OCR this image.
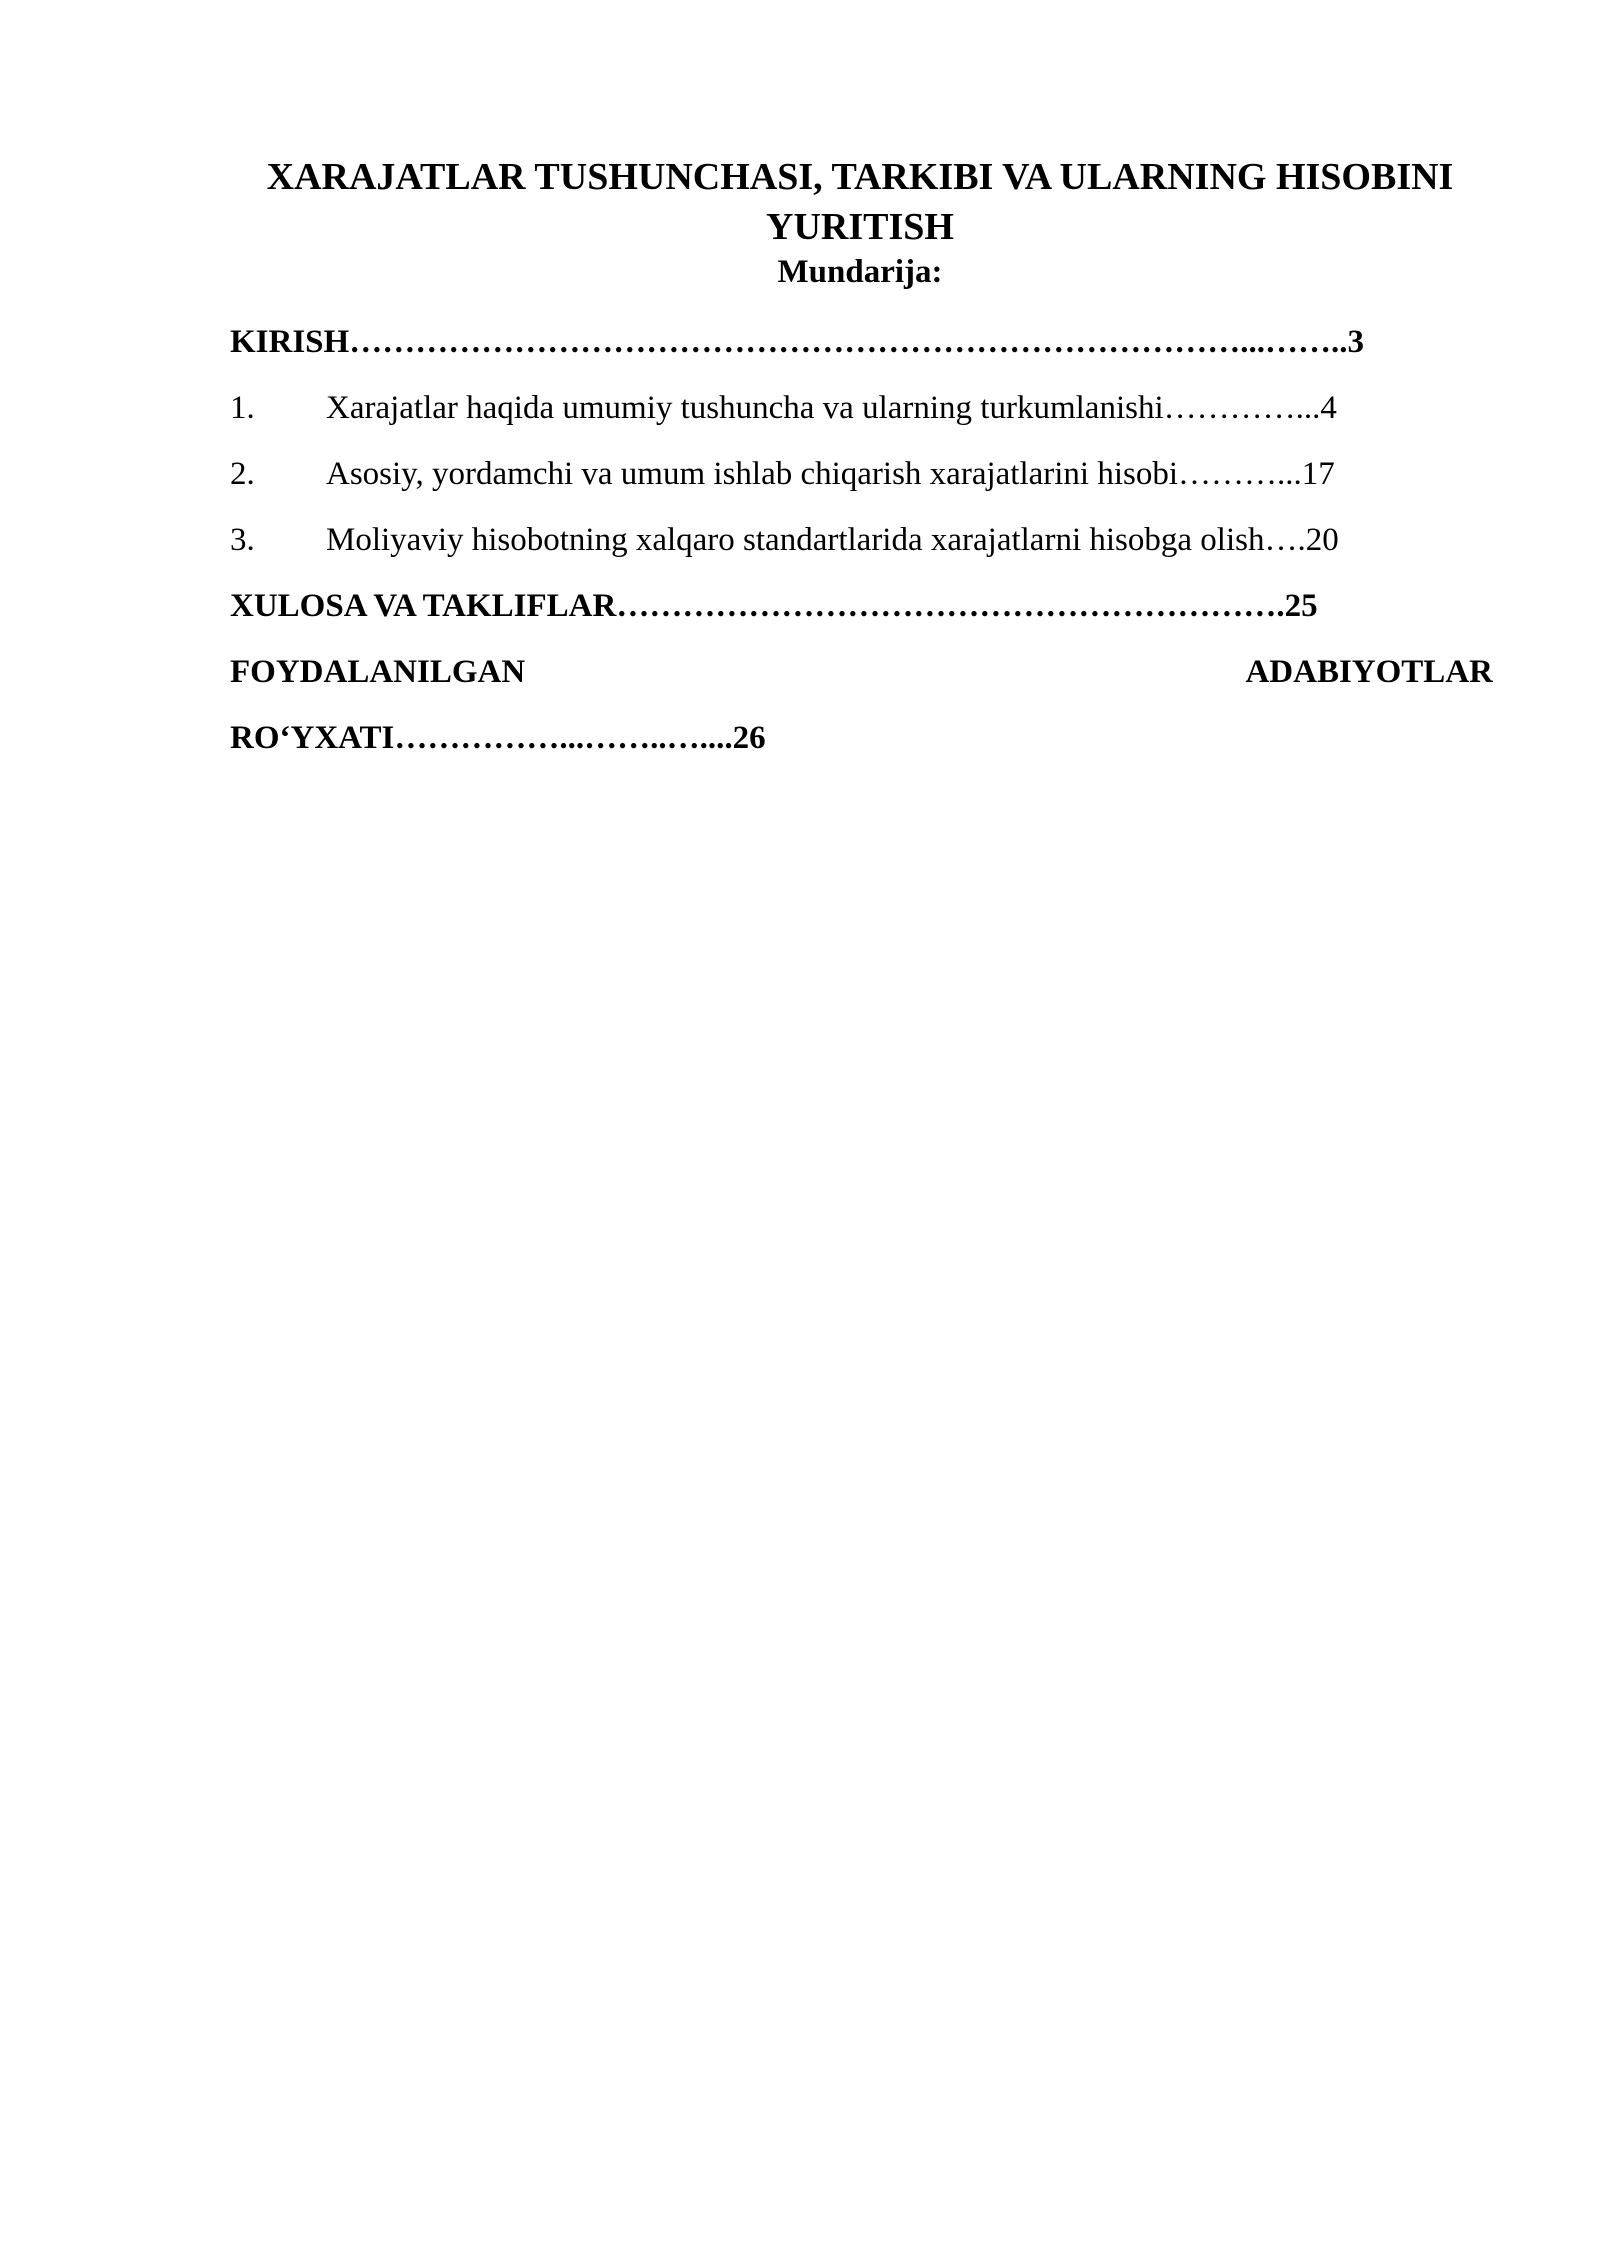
XARAJATLAR TUSHUNCHASI, TARKIBI VA ULARNING HISOBINI YURITISH
Mundarija:
KIRISH………………………………………………………………………...……..3
1.	Xarajatlar haqida umumiy tushuncha va ularning turkumlanishi…………...4
2.	Asosiy, yordamchi va umum ishlab chiqarish xarajatlarini hisobi………...17
3.	Moliyaviy hisobotning xalqaro standartlarida xarajatlarni hisobga olish….20
XULOSA VA TAKLIFLAR…………………………………………………….25
FOYDALANILGAN	ADABIYOTLAR
RO‘YXATI……………...……..…....26
